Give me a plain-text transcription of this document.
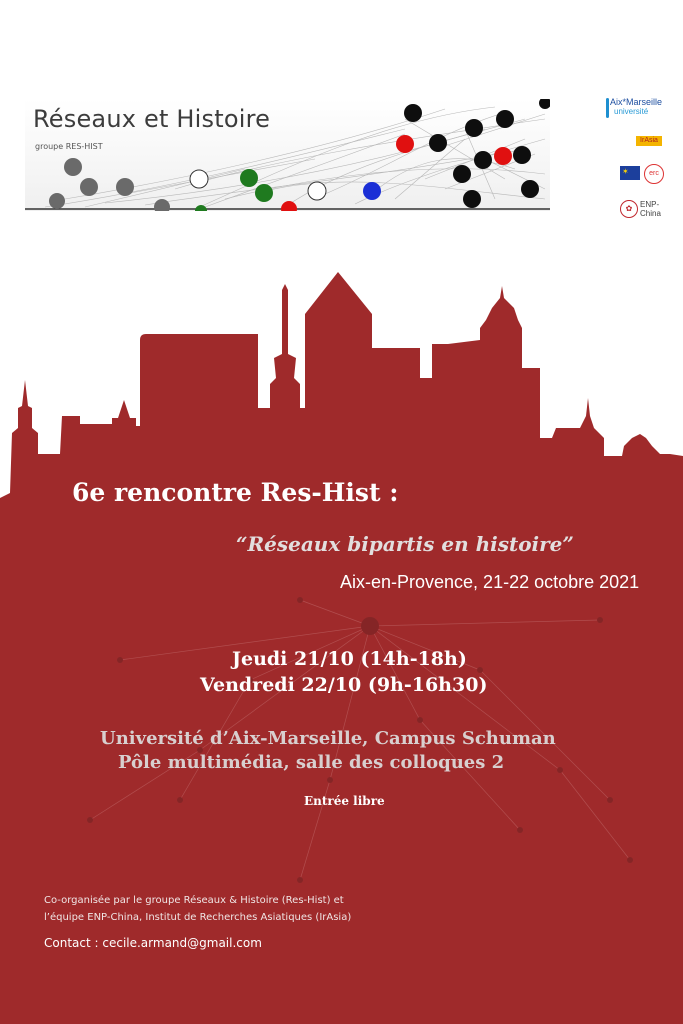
Réseaux et Histoire
groupe RES-HIST
Aix*Marseille
université
IrAsia
✶	erc
✿ ENP-
China
6e rencontre Res-Hist :
“Réseaux bipartis en histoire”
Aix-en-Provence, 21-22 octobre 2021
Jeudi 21/10 (14h-18h)
Vendredi 22/10 (9h-16h30)
Université d’Aix-Marseille, Campus Schuman
Pôle multimédia, salle des colloques 2
Entrée libre
Co-organisée par le groupe Réseaux & Histoire (Res-Hist) et
l’équipe ENP-China, Institut de Recherches Asiatiques (IrAsia)
Contact : cecile.armand@gmail.com
